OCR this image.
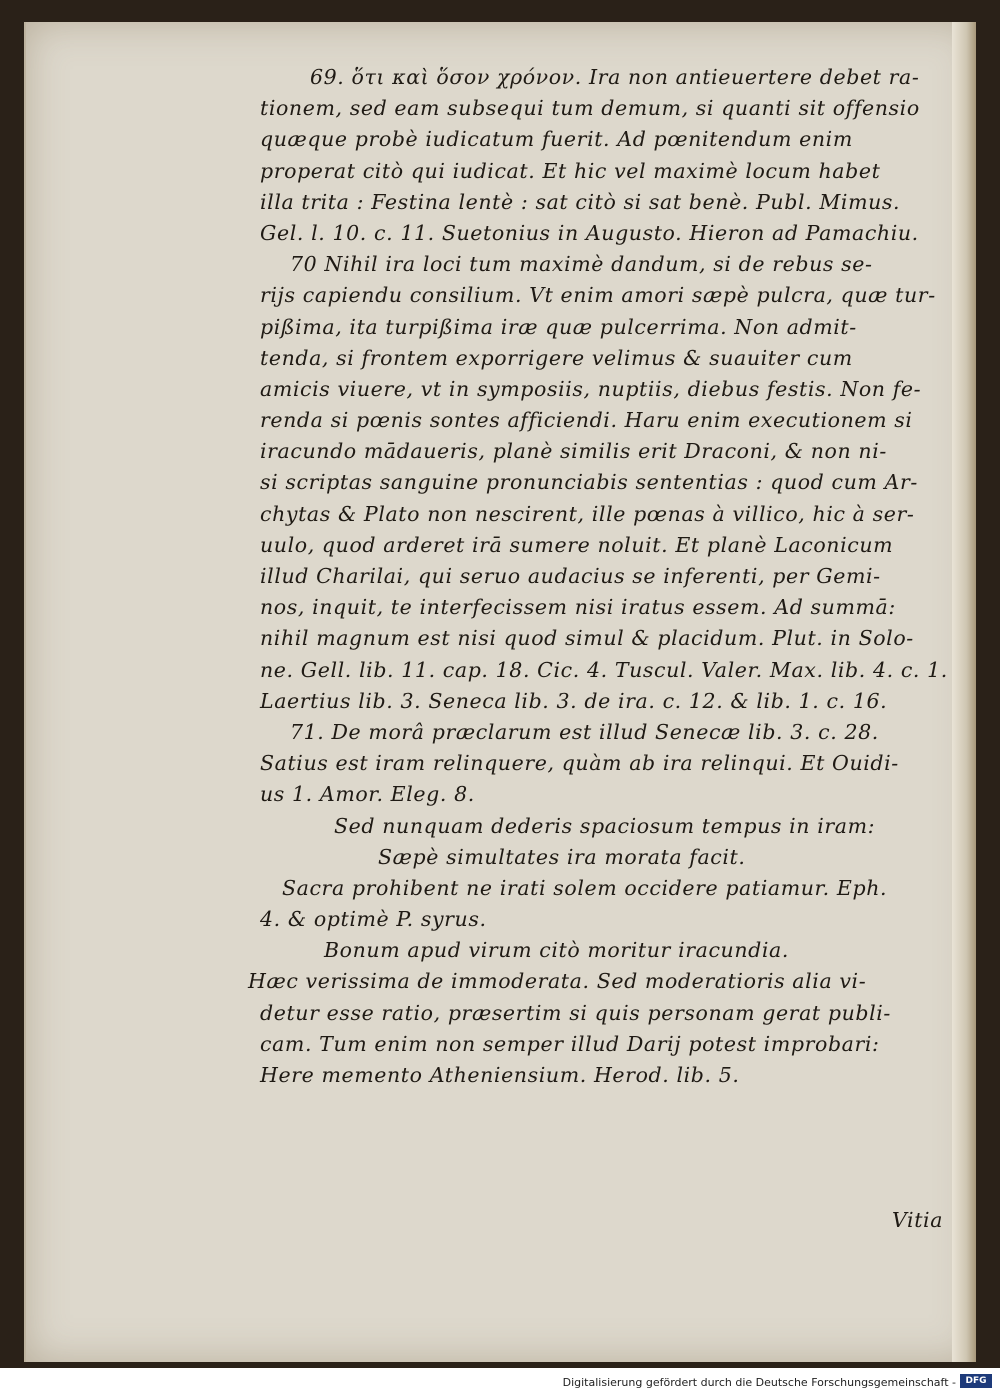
69. ὅτι καὶ ὅσον χρόνον. Ira non antieuertere debet ra-
tionem, sed eam subsequi tum demum, si quanti sit offensio
quæque probè iudicatum fuerit. Ad pœnitendum enim
properat citò qui iudicat. Et hic vel maximè locum habet
illa trita : Festina lentè : sat citò si sat benè. Publ. Mimus.
Gel. l. 10. c. 11. Suetonius in Augusto. Hieron ad Pamachiu.
70 Nihil ira loci tum maximè dandum, si de rebus se-
rijs capiendu consilium. Vt enim amori sæpè pulcra, quæ tur-
pißima, ita turpißima iræ quæ pulcerrima. Non admit-
tenda, si frontem exporrigere velimus & suauiter cum
amicis viuere, vt in symposiis, nuptiis, diebus festis. Non fe-
renda si pœnis sontes afficiendi. Haru enim executionem si
iracundo mādaueris, planè similis erit Draconi, & non ni-
si scriptas sanguine pronunciabis sententias : quod cum Ar-
chytas & Plato non nescirent, ille pœnas à villico, hic à ser-
uulo, quod arderet irā sumere noluit. Et planè Laconicum
illud Charilai, qui seruo audacius se inferenti, per Gemi-
nos, inquit, te interfecissem nisi iratus essem. Ad summā:
nihil magnum est nisi quod simul & placidum. Plut. in Solo-
ne. Gell. lib. 11. cap. 18. Cic. 4. Tuscul. Valer. Max. lib. 4. c. 1.
Laertius lib. 3. Seneca lib. 3. de ira. c. 12. & lib. 1. c. 16.
71. De morâ præclarum est illud Senecæ lib. 3. c. 28.
Satius est iram relinquere, quàm ab ira relinqui. Et Ouidi-
us 1. Amor. Eleg. 8.
Sed nunquam dederis spaciosum tempus in iram:
Sæpè simultates ira morata facit.
Sacra prohibent ne irati solem occidere patiamur. Eph.
4. & optimè P. syrus.
Bonum apud virum citò moritur iracundia.
Hæc verissima de immoderata. Sed moderatioris alia vi-
detur esse ratio, præsertim si quis personam gerat publi-
cam. Tum enim non semper illud Darij potest improbari:
Here memento Atheniensium. Herod. lib. 5.
Vitia
Digitalisierung gefördert durch die Deutsche Forschungsgemeinschaft -	DFG
